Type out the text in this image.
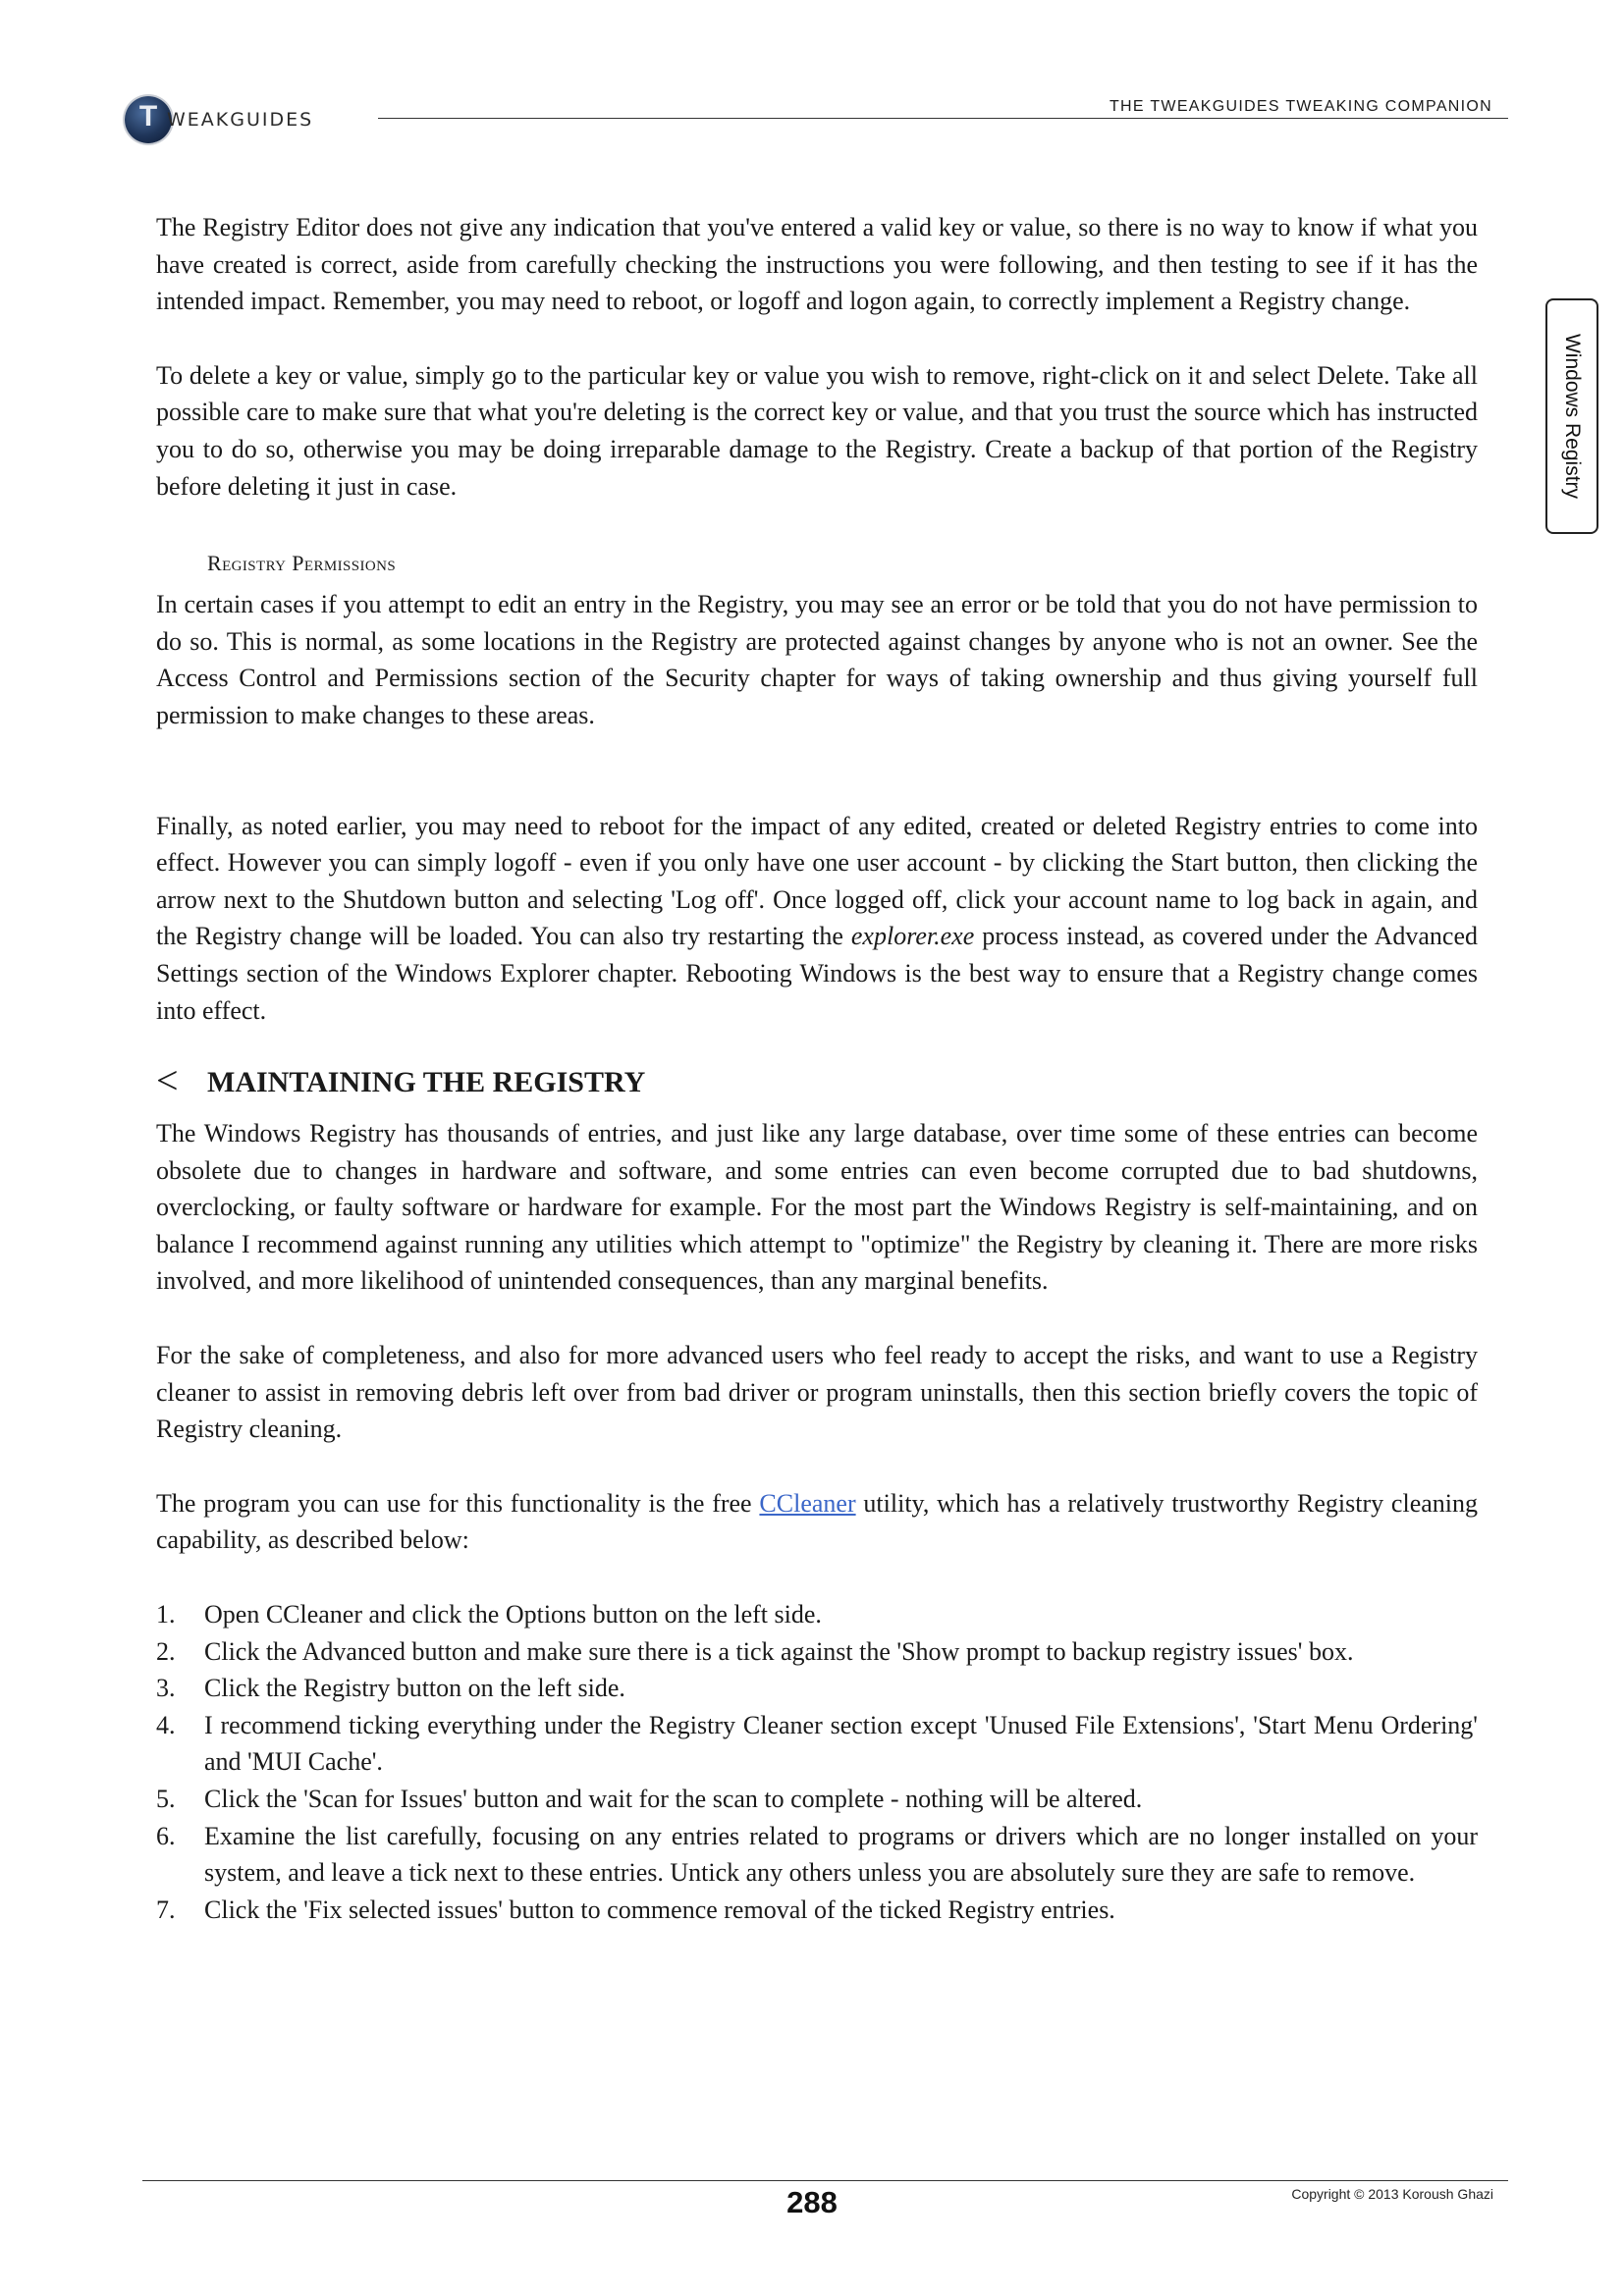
T WEAKGUIDES
THE TWEAKGUIDES TWEAKING COMPANION
Windows Registry

The Registry Editor does not give any indication that you've entered a valid key or value, so there is no way to know if what you have created is correct, aside from carefully checking the instructions you were following, and then testing to see if it has the intended impact. Remember, you may need to reboot, or logoff and logon again, to correctly implement a Registry change.

To delete a key or value, simply go to the particular key or value you wish to remove, right-click on it and select Delete. Take all possible care to make sure that what you're deleting is the correct key or value, and that you trust the source which has instructed you to do so, otherwise you may be doing irreparable damage to the Registry. Create a backup of that portion of the Registry before deleting it just in case.

Registry Permissions

In certain cases if you attempt to edit an entry in the Registry, you may see an error or be told that you do not have permission to do so. This is normal, as some locations in the Registry are protected against changes by anyone who is not an owner. See the Access Control and Permissions section of the Security chapter for ways of taking ownership and thus giving yourself full permission to make changes to these areas.

Finally, as noted earlier, you may need to reboot for the impact of any edited, created or deleted Registry entries to come into effect. However you can simply logoff - even if you only have one user account - by clicking the Start button, then clicking the arrow next to the Shutdown button and selecting 'Log off'. Once logged off, click your account name to log back in again, and the Registry change will be loaded. You can also try restarting the explorer.exe process instead, as covered under the Advanced Settings section of the Windows Explorer chapter. Rebooting Windows is the best way to ensure that a Registry change comes into effect.

< MAINTAINING THE REGISTRY

The Windows Registry has thousands of entries, and just like any large database, over time some of these entries can become obsolete due to changes in hardware and software, and some entries can even become corrupted due to bad shutdowns, overclocking, or faulty software or hardware for example. For the most part the Windows Registry is self-maintaining, and on balance I recommend against running any utilities which attempt to "optimize" the Registry by cleaning it. There are more risks involved, and more likelihood of unintended consequences, than any marginal benefits.

For the sake of completeness, and also for more advanced users who feel ready to accept the risks, and want to use a Registry cleaner to assist in removing debris left over from bad driver or program uninstalls, then this section briefly covers the topic of Registry cleaning.

The program you can use for this functionality is the free CCleaner utility, which has a relatively trustworthy Registry cleaning capability, as described below:

1. Open CCleaner and click the Options button on the left side.
2. Click the Advanced button and make sure there is a tick against the 'Show prompt to backup registry issues' box.
3. Click the Registry button on the left side.
4. I recommend ticking everything under the Registry Cleaner section except 'Unused File Extensions', 'Start Menu Ordering' and 'MUI Cache'.
5. Click the 'Scan for Issues' button and wait for the scan to complete - nothing will be altered.
6. Examine the list carefully, focusing on any entries related to programs or drivers which are no longer installed on your system, and leave a tick next to these entries. Untick any others unless you are absolutely sure they are safe to remove.
7. Click the 'Fix selected issues' button to commence removal of the ticked Registry entries.
288	Copyright © 2013 Koroush Ghazi
